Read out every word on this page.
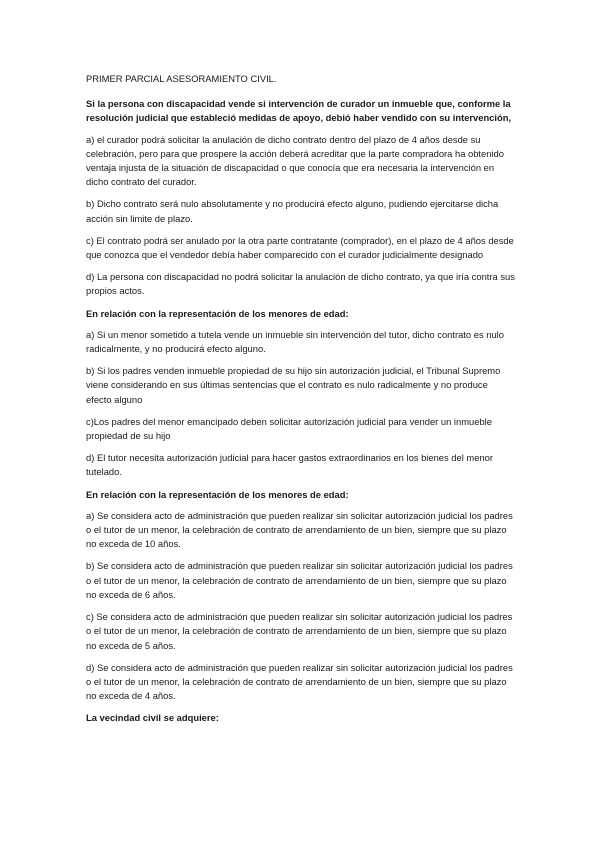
PRIMER PARCIAL ASESORAMIENTO CIVIL.

Si la persona con discapacidad vende si intervención de curador un inmueble que, conforme la resolución judicial que estableció medidas de apoyo, debió haber vendido con su intervención,

a) el curador podrá solicitar la anulación de dicho contrato dentro del plazo de 4 años desde su celebración, pero para que prospere la acción deberá acreditar que la parte compradora ha obtenido ventaja injusta de la situación de discapacidad o que conocía que era necesaria la intervención en dicho contrato del curador.

b) Dicho contrato será nulo absolutamente y no producirá efecto alguno, pudiendo ejercitarse dicha acción sin limite de plazo.

c) El contrato podrá ser anulado por la otra parte contratante (comprador), en el plazo de 4 años desde que conozca que el vendedor debía haber comparecido con el curador judicialmente designado

d) La persona con discapacidad no podrá solicitar la anulación de dicho contrato, ya que iría contra sus propios actos.

En relación con la representación de los menores de edad:

a) Si un menor sometido a tutela vende un inmueble sin intervención del tutor, dicho contrato es nulo radicalmente, y no producirá efecto alguno.

b) Si los padres venden inmueble propiedad de su hijo sin autorización judicial, el Tribunal Supremo viene considerando en sus últimas sentencias que el contrato es nulo radicalmente y no produce efecto alguno

c)Los padres del menor emancipado deben solicitar autorización judicial para vender un inmueble propiedad de su hijo

d) El tutor necesita autorización judicial para hacer gastos extraordinarios en los bienes del menor tutelado.

En relación con la representación de los menores de edad:

a) Se considera acto de administración que pueden realizar sin solicitar autorización judicial los padres o el tutor de un menor, la celebración de contrato de arrendamiento de un bien, siempre que su plazo no exceda de 10 años.

b) Se considera acto de administración que pueden realizar sin solicitar autorización judicial los padres o el tutor de un menor, la celebración de contrato de arrendamiento de un bien, siempre que su plazo no exceda de 6 años.

c) Se considera acto de administración que pueden realizar sin solicitar autorización judicial los padres o el tutor de un menor, la celebración de contrato de arrendamiento de un bien, siempre que su plazo no exceda de 5 años.

d) Se considera acto de administración que pueden realizar sin solicitar autorización judicial los padres o el tutor de un menor, la celebración de contrato de arrendamiento de un bien, siempre que su plazo no exceda de 4 años.

La vecindad civil se adquiere:
